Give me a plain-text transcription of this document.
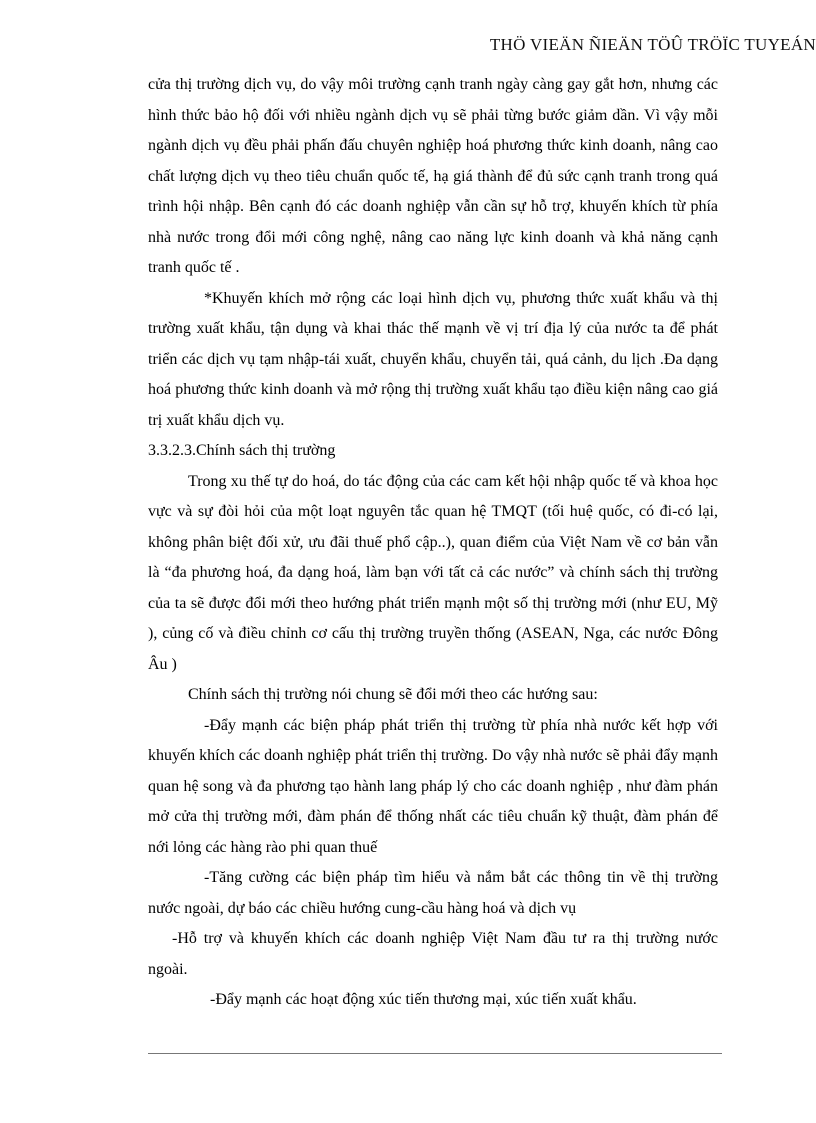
THÖ VIEÄN ÑIEÄN TÖÛ TRÖÏC TUYEÁN

cửa thị trường dịch vụ, do vậy môi trường cạnh tranh ngày càng gay gắt hơn, nhưng các hình thức bảo hộ đối với nhiều ngành dịch vụ sẽ phải từng bước giảm dần. Vì vậy mỗi ngành dịch vụ đều phải phấn đấu chuyên nghiệp hoá phương thức kinh doanh, nâng cao chất lượng dịch vụ theo tiêu chuẩn quốc tế, hạ giá thành để đủ sức cạnh tranh trong quá trình hội nhập. Bên cạnh đó các doanh nghiệp vẫn cần sự hỗ trợ, khuyến khích từ phía nhà nước trong đổi mới công nghệ, nâng cao năng lực kinh doanh và khả năng cạnh tranh quốc tế .

*Khuyến khích mở rộng các loại hình dịch vụ, phương thức xuất khẩu và thị trường xuất khẩu, tận dụng và khai thác thế mạnh về vị trí địa lý của nước ta để phát triển các dịch vụ tạm nhập-tái xuất, chuyển khẩu, chuyển tải, quá cảnh, du lịch .Đa dạng hoá phương thức kinh doanh và mở rộng thị trường xuất khẩu tạo điều kiện nâng cao giá trị xuất khẩu dịch vụ.

3.3.2.3.Chính sách thị trường

Trong xu thế tự do hoá, do tác động của các cam kết hội nhập quốc tế và khoa học vực và sự đòi hỏi của một loạt nguyên tắc quan hệ TMQT (tối huệ quốc, có đi-có lại, không phân biệt đối xử, ưu đãi thuế phổ cập..), quan điểm của Việt Nam về cơ bản vẫn là “đa phương hoá, đa dạng hoá, làm bạn với tất cả các nước” và chính sách thị trường của ta sẽ được đổi mới theo hướng phát triển mạnh một số thị trường mới (như EU, Mỹ ), củng cố và điều chỉnh cơ cấu thị trường truyền thống (ASEAN, Nga, các nước Đông Âu )

Chính sách thị trường nói chung sẽ đổi mới theo các hướng sau:

-Đẩy mạnh các biện pháp phát triển thị trường từ phía nhà nước kết hợp với khuyến khích các doanh nghiệp phát triển thị trường. Do vậy nhà nước sẽ phải đẩy mạnh quan hệ song và đa phương tạo hành lang pháp lý cho các doanh nghiệp , như đàm phán mở cửa thị trường mới, đàm phán để thống nhất các tiêu chuẩn kỹ thuật, đàm phán để nới lỏng các hàng rào phi quan thuế

-Tăng cường các biện pháp tìm hiểu và nắm bắt các thông tin về thị trường nước ngoài, dự báo các chiều hướng cung-cầu hàng hoá và dịch vụ

-Hỗ trợ và khuyến khích các doanh nghiệp Việt Nam đầu tư ra thị trường nước ngoài.

-Đẩy mạnh các hoạt động xúc tiến thương mại, xúc tiến xuất khẩu.
